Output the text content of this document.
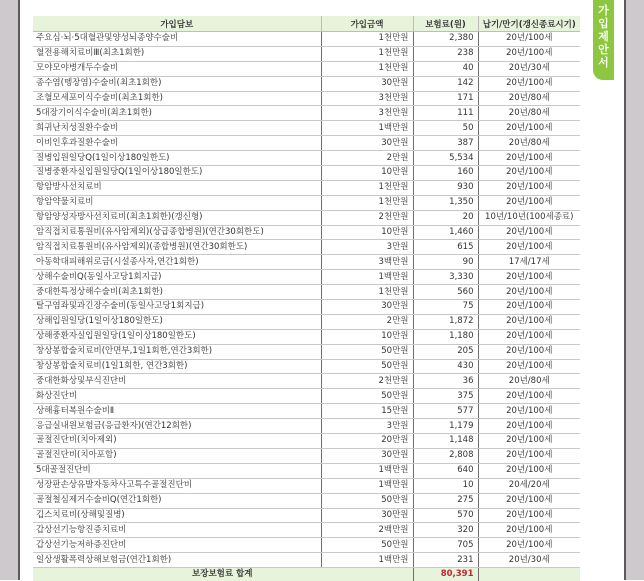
가
입
제
안
서
가입담보	가입금액	보험료(원)	납기/만기(갱신종료시기)
주요심·뇌·5대혈관및양성뇌종양수술비	1천만원	2,380	20년/100세
혈전용해치료비Ⅲ(최초1회한)	1천만원	238	20년/100세
모야모야병개두수술비	1천만원	40	20년/30세
종수염(뗑장염)수술비(최초1회한)	30만원	142	20년/100세
조혈모세포이식수술비(최초1회한)	3천만원	171	20년/80세
5대장기이식수술비(최초1회한)	3천만원	111	20년/80세
희귀난치성질환수술비	1백만원	50	20년/100세
이비인후과질환수술비	30만원	387	20년/80세
질병입원일당Q(1일이상180일한도)	2만원	5,534	20년/100세
질병중환자실입원일당Q(1일이상180일한도)	10만원	160	20년/100세
항암방사선치료비	1천만원	930	20년/100세
항암약물치료비	1천만원	1,350	20년/100세
항암양성자방사선치료비(최초1회한)(갱신형)	2천만원	20	10년/10년(100세종료)
암직접치료통원비(유사암제외)(상급종합병원)(연간30회한도)	10만원	1,460	20년/100세
암직접치료통원비(유사암제외)(종합병원)(연간30회한도)	3만원	615	20년/100세
아동학대피해위로금(시설종사자,연간1회한)	3백만원	90	17세/17세
상해수술비Q(동일사고당1회지급)	1백만원	3,330	20년/100세
중대한특정상해수술비(최초1회한)	1천만원	560	20년/100세
탈구염좌및과긴장수술비(동일사고당1회지급)	30만원	75	20년/100세
상해입원일당(1일이상180일한도)	2만원	1,872	20년/100세
상해중환자실입원일당(1일이상180일한도)	10만원	1,180	20년/100세
창상봉합술치료비(안면부,1일1회한,연간3회한)	50만원	205	20년/100세
창상봉합술치료비(1일1회한, 연간3회한)	50만원	430	20년/100세
중대한화상및부식진단비	2천만원	36	20년/80세
화상진단비	50만원	375	20년/100세
상해흉터복원수술비Ⅱ	15만원	577	20년/100세
응급실내원보험금(응급환자)(연간12회한)	3만원	1,179	20년/100세
골절진단비(치아제외)	20만원	1,148	20년/100세
골절진단비(치아포함)	30만원	2,808	20년/100세
5대골절진단비	1백만원	640	20년/100세
성장판손상유발자동차사고특수골절진단비	1백만원	10	20세/20세
골절철심제거수술비Q(연간1회한)	50만원	275	20년/100세
깁스치료비(상해및질병)	30만원	570	20년/100세
갑상선기능항진증치료비	2백만원	320	20년/100세
갑상선기능저하증진단비	50만원	705	20년/100세
일상생활폭력상해보험금(연간1회한)	1백만원	231	20년/30세
보장보험료 합계		80,391	
